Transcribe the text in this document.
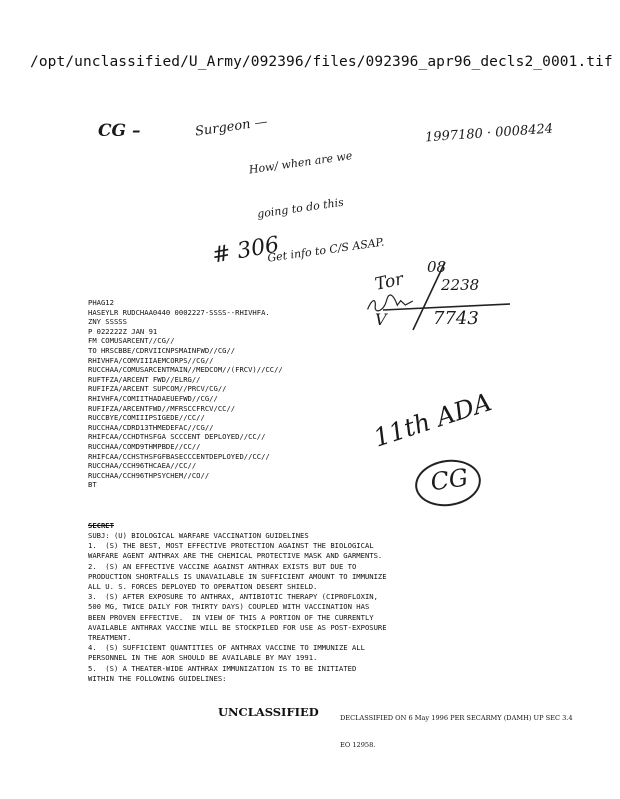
/opt/unclassified/U_Army/092396/files/092396_apr96_decls2_0001.tif
CG –

	Surgeon —

How/ when are we

going to do this

Get info to C/S ASAP.

1997180 · 0008424
# 306

	08

Tor

2238

V

	7743

PHAG12
HASEYLR RUDCHAA0440 0002227-SSSS--RHIVHFA.
ZNY SSSSS
P 022222Z JAN 91
FM COMUSARCENT//CG//
TO HRSCBBE/CDRVIICNPSMAINFWD//CG//
RHIVHFA/COMVIIIAEMCORPS//CG//
RUCCHAA/COMUSARCENTMAIN//MEDCOM//(FRCV)//CC//
RUFTFZA/ARCENT FWD//ELRG//
RUFIFZA/ARCENT SUPCOM//PRCV/CG//
RHIVHFA/COMIITHADAEUEFWD//CG//
RUFIFZA/ARCENTFWD//MFRSCCFRCV/CC//
RUCCBYE/COMIIIPSIGEDE//CC//
RUCCHAA/CDRD13THMEDEFAC//CG//
RHIFCAA/CCHDTHSFGA SCCCENT DEPLOYED//CC//
RUCCHAA/COMD9THMPBDE//CC//
RHIFCAA/CCHSTHSFGFBASECCCENTDEPLOYED//CC//
RUCCHAA/CCH96THCAEA//CC//
RUCCHAA/CCH96THPSYCHEM//CO//
BT

11th ADA

CG

SECRET
SUBJ: (U) BIOLOGICAL WARFARE VACCINATION GUIDELINES
1.  (S) THE BEST, MOST EFFECTIVE PROTECTION AGAINST THE BIOLOGICAL
WARFARE AGENT ANTHRAX ARE THE CHEMICAL PROTECTIVE MASK AND GARMENTS.
2.  (S) AN EFFECTIVE VACCINE AGAINST ANTHRAX EXISTS BUT DUE TO
PRODUCTION SHORTFALLS IS UNAVAILABLE IN SUFFICIENT AMOUNT TO IMMUNIZE
ALL U. S. FORCES DEPLOYED TO OPERATION DESERT SHIELD.
3.  (S) AFTER EXPOSURE TO ANTHRAX, ANTIBIOTIC THERAPY (CIPROFLOXIN,
500 MG, TWICE DAILY FOR THIRTY DAYS) COUPLED WITH VACCINATION HAS
BEEN PROVEN EFFECTIVE.  IN VIEW OF THIS A PORTION OF THE CURRENTLY
AVAILABLE ANTHRAX VACCINE WILL BE STOCKPILED FOR USE AS POST-EXPOSURE
TREATMENT.
4.  (S) SUFFICIENT QUANTITIES OF ANTHRAX VACCINE TO IMMUNIZE ALL
PERSONNEL IN THE AOR SHOULD BE AVAILABLE BY MAY 1991.
5.  (S) A THEATER-WIDE ANTHRAX IMMUNIZATION IS TO BE INITIATED
WITHIN THE FOLLOWING GUIDELINES:
UNCLASSIFIED

	DECLASSIFIED ON 6 May 1996 PER SECARMY (DAMH) UP SEC 3.4

EO 12958.
